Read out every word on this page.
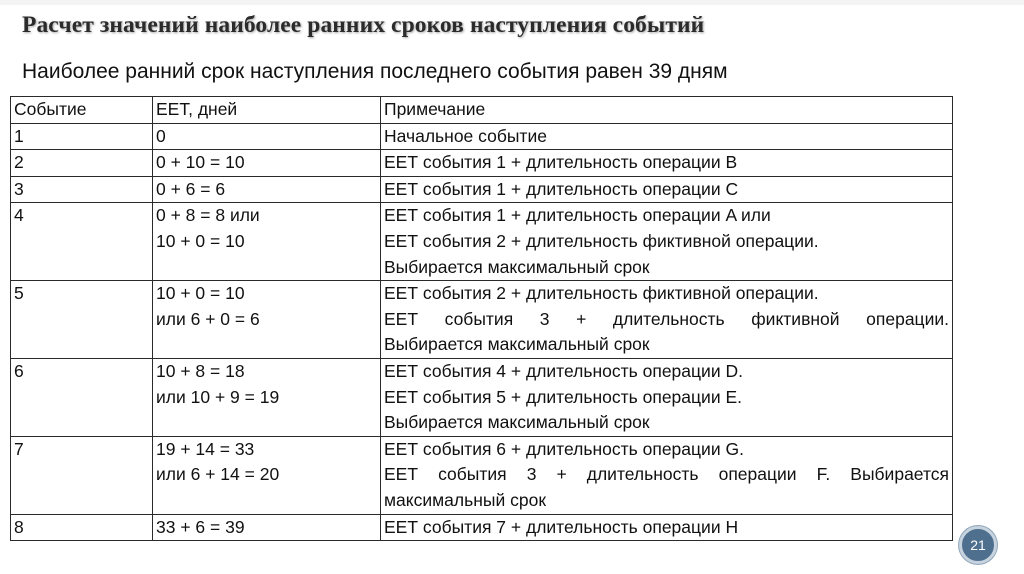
Расчет значений наиболее ранних сроков наступления событий
Наиболее ранний срок наступления последнего события равен 39 дням
Событие	ЕЕТ, дней	Примечание
1	0	Начальное событие

2	0 + 10 = 10	ЕЕТ события 1 + длительность операции B

3	0 + 6 = 6	ЕЕТ события 1 + длительность операции C

4	0 + 8 = 8 или
10 + 0 = 10	ЕЕТ события 1 + длительность операции A или
ЕЕТ события 2 + длительность фиктивной операции.
Выбирается максимальный срок

5	10 + 0 = 10
или 6 + 0 = 6	ЕЕТ события 2 + длительность фиктивной операции.
ЕЕТ события 3 + длительность фиктивной операции.
Выбирается максимальный срок

6	10 + 8 = 18
или 10 + 9 = 19	ЕЕТ события 4 + длительность операции D.
ЕЕТ события 5 + длительность операции E.
Выбирается максимальный срок

7	19 + 14 = 33
или 6 + 14 = 20	ЕЕТ события 6 + длительность операции G.
ЕЕТ события 3 + длительность операции F. Выбирается
максимальный срок

8	33 + 6 = 39	ЕЕТ события 7 + длительность операции H
21
